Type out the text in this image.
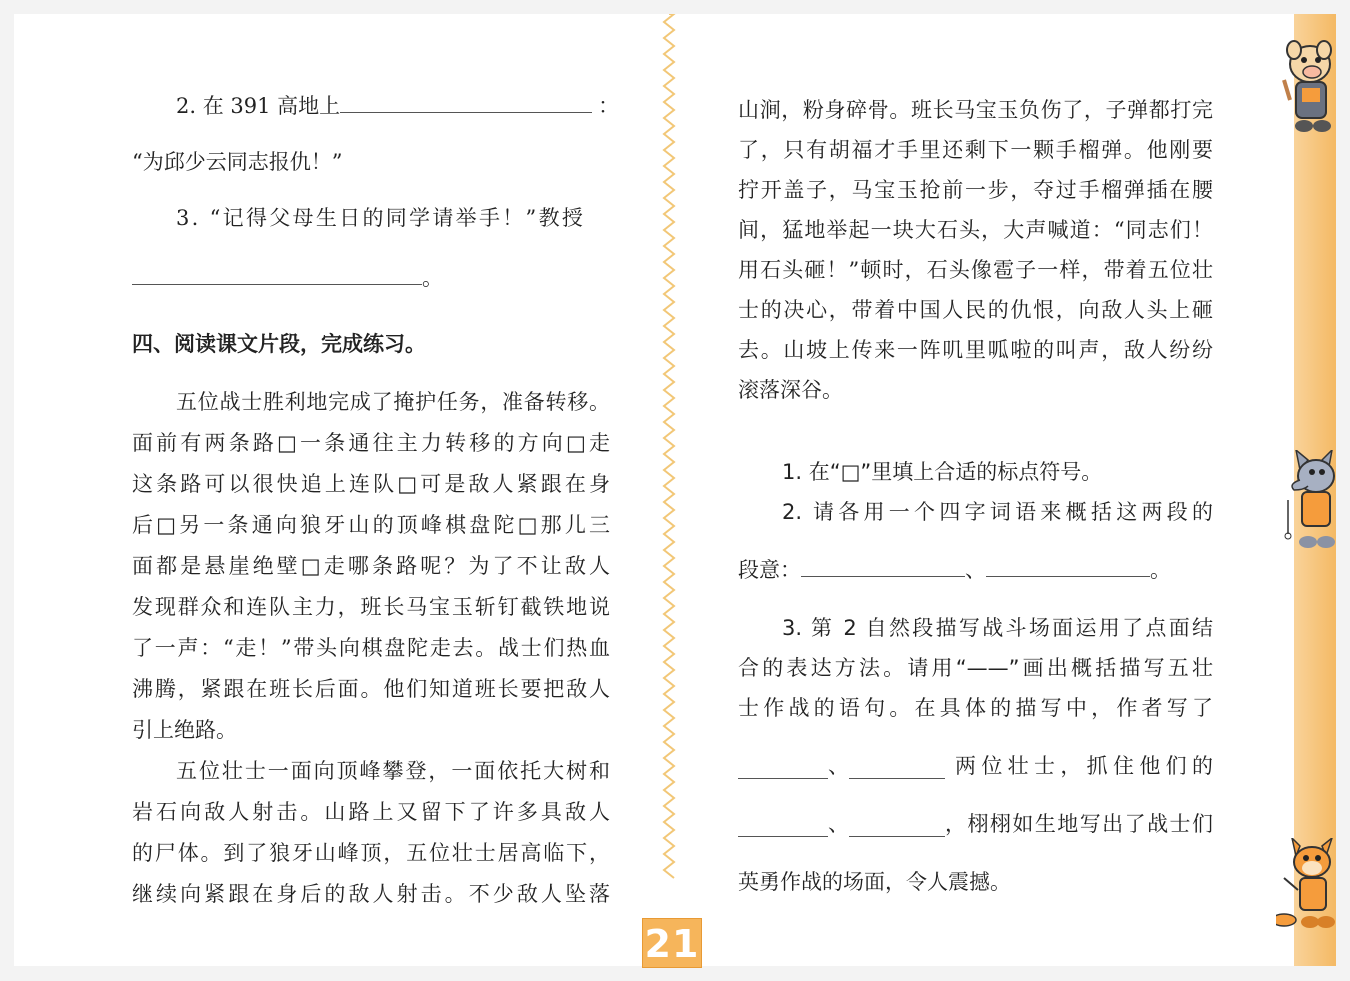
2. 在 391 高地上	：
“为邱少云同志报仇！”
3. “记得父母生日的同学请举手！”教授
。
四、阅读课文片段，完成练习。
五位战士胜利地完成了掩护任务，准备转移。
面前有两条路□一条通往主力转移的方向□走
这条路可以很快追上连队□可是敌人紧跟在身
后□另一条通向狼牙山的顶峰棋盘陀□那儿三
面都是悬崖绝壁□走哪条路呢？为了不让敌人
发现群众和连队主力，班长马宝玉斩钉截铁地说
了一声：“走！”带头向棋盘陀走去。战士们热血
沸腾，紧跟在班长后面。他们知道班长要把敌人
引上绝路。
五位壮士一面向顶峰攀登，一面依托大树和
岩石向敌人射击。山路上又留下了许多具敌人
的尸体。到了狼牙山峰顶，五位壮士居高临下，
继续向紧跟在身后的敌人射击。不少敌人坠落
山涧，粉身碎骨。班长马宝玉负伤了，子弹都打完
了，只有胡福才手里还剩下一颗手榴弹。他刚要
拧开盖子，马宝玉抢前一步，夺过手榴弹插在腰
间，猛地举起一块大石头，大声喊道：“同志们！
用石头砸！”顿时，石头像雹子一样，带着五位壮
士的决心，带着中国人民的仇恨，向敌人头上砸
去。山坡上传来一阵叽里呱啦的叫声，敌人纷纷
滚落深谷。
1. 在“□”里填上合适的标点符号。
2. 请各用一个四字词语来概括这两段的
段意：	、	。
3. 第 2 自然段描写战斗场面运用了点面结
合的表达方法。请用“——”画出概括描写五壮
士作战的语句。在具体的描写中，作者写了
、	两位壮士，抓住他们的
、	，栩栩如生地写出了战士们
英勇作战的场面，令人震撼。
21
